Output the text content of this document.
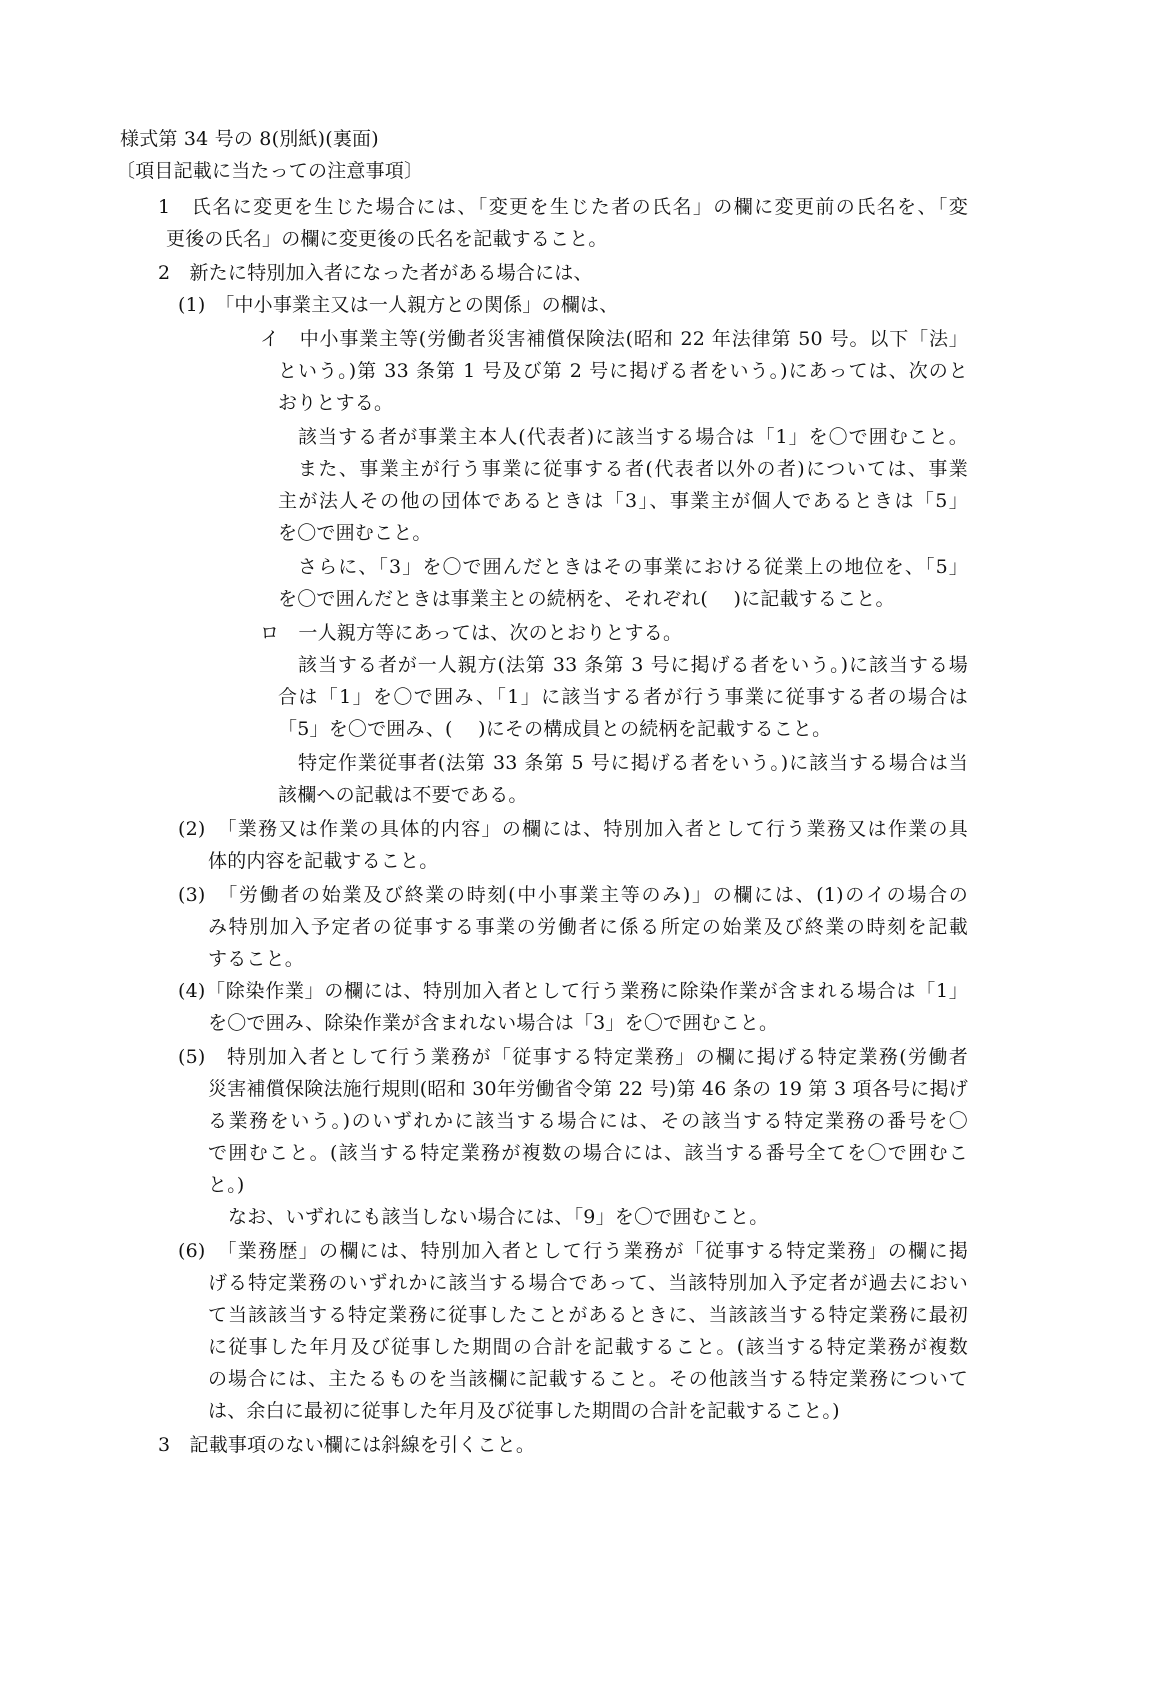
様式第 34 号の 8(別紙)(裏面)
〔項目記載に当たっての注意事項〕
1　氏名に変更を生じた場合には、「変更を生じた者の氏名」の欄に変更前の氏名を、「変
更後の氏名」の欄に変更後の氏名を記載すること。
2　新たに特別加入者になった者がある場合には、
(1)　「中小事業主又は一人親方との関係」の欄は、
イ　中小事業主等(労働者災害補償保険法(昭和 22 年法律第 50 号。以下「法」
という。)第 33 条第 1 号及び第 2 号に掲げる者をいう。)にあっては、次のと
おりとする。
該当する者が事業主本人(代表者)に該当する場合は「1」を〇で囲むこと。
また、事業主が行う事業に従事する者(代表者以外の者)については、事業
主が法人その他の団体であるときは「3」、事業主が個人であるときは「5」
を〇で囲むこと。
さらに、「3」を〇で囲んだときはその事業における従業上の地位を、「5」
を〇で囲んだときは事業主との続柄を、それぞれ(　 )に記載すること。
ロ　一人親方等にあっては、次のとおりとする。
該当する者が一人親方(法第 33 条第 3 号に掲げる者をいう。)に該当する場
合は「1」を〇で囲み、「1」に該当する者が行う事業に従事する者の場合は
「5」を〇で囲み、(　 )にその構成員との続柄を記載すること。
特定作業従事者(法第 33 条第 5 号に掲げる者をいう。)に該当する場合は当
該欄への記載は不要である。
(2)　「業務又は作業の具体的内容」の欄には、特別加入者として行う業務又は作業の具
体的内容を記載すること。
(3)　「労働者の始業及び終業の時刻(中小事業主等のみ)」の欄には、(1)のイの場合の
み特別加入予定者の従事する事業の労働者に係る所定の始業及び終業の時刻を記載
すること。
(4)「除染作業」の欄には、特別加入者として行う業務に除染作業が含まれる場合は「1」
を〇で囲み、除染作業が含まれない場合は「3」を〇で囲むこと。
(5)　特別加入者として行う業務が「従事する特定業務」の欄に掲げる特定業務(労働者
災害補償保険法施行規則(昭和 30年労働省令第 22 号)第 46 条の 19 第 3 項各号に掲げ
る業務をいう。)のいずれかに該当する場合には、その該当する特定業務の番号を〇
で囲むこと。(該当する特定業務が複数の場合には、該当する番号全てを〇で囲むこ
と。)
なお、いずれにも該当しない場合には、「9」を〇で囲むこと。
(6)　「業務歴」の欄には、特別加入者として行う業務が「従事する特定業務」の欄に掲
げる特定業務のいずれかに該当する場合であって、当該特別加入予定者が過去におい
て当該該当する特定業務に従事したことがあるときに、当該該当する特定業務に最初
に従事した年月及び従事した期間の合計を記載すること。(該当する特定業務が複数
の場合には、主たるものを当該欄に記載すること。その他該当する特定業務について
は、余白に最初に従事した年月及び従事した期間の合計を記載すること。)
3　記載事項のない欄には斜線を引くこと。
